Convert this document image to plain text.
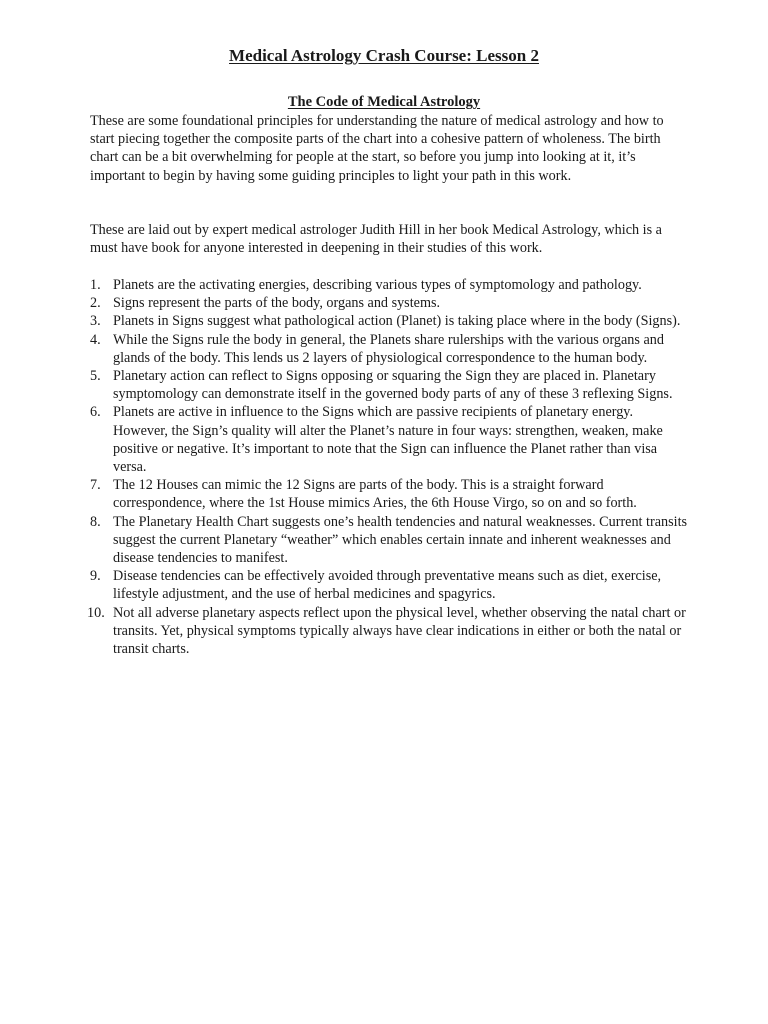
Medical Astrology Crash Course: Lesson 2
The Code of Medical Astrology

These are some foundational principles for understanding the nature of medical astrology and how to start piecing together the composite parts of the chart into a cohesive pattern of wholeness. The birth chart can be a bit overwhelming for people at the start, so before you jump into looking at it, it’s important to begin by having some guiding principles to light your path in this work.

These are laid out by expert medical astrologer Judith Hill in her book Medical Astrology, which is a must have book for anyone interested in deepening in their studies of this work.

1. Planets are the activating energies, describing various types of symptomology and pathology.
2. Signs represent the parts of the body, organs and systems.
3. Planets in Signs suggest what pathological action (Planet) is taking place where in the body (Signs).
4. While the Signs rule the body in general, the Planets share rulerships with the various organs and glands of the body. This lends us 2 layers of physiological correspondence to the human body.
5. Planetary action can reflect to Signs opposing or squaring the Sign they are placed in. Planetary symptomology can demonstrate itself in the governed body parts of any of these 3 reflexing Signs.
6. Planets are active in influence to the Signs which are passive recipients of planetary energy. However, the Sign’s quality will alter the Planet’s nature in four ways: strengthen, weaken, make positive or negative. It’s important to note that the Sign can influence the Planet rather than visa versa.
7. The 12 Houses can mimic the 12 Signs are parts of the body. This is a straight forward correspondence, where the 1st House mimics Aries, the 6th House Virgo, so on and so forth.
8. The Planetary Health Chart suggests one’s health tendencies and natural weaknesses. Current transits suggest the current Planetary “weather” which enables certain innate and inherent weaknesses and disease tendencies to manifest.
9. Disease tendencies can be effectively avoided through preventative means such as diet, exercise, lifestyle adjustment, and the use of herbal medicines and spagyrics.
10. Not all adverse planetary aspects reflect upon the physical level, whether observing the natal chart or transits. Yet, physical symptoms typically always have clear indications in either or both the natal or transit charts.
